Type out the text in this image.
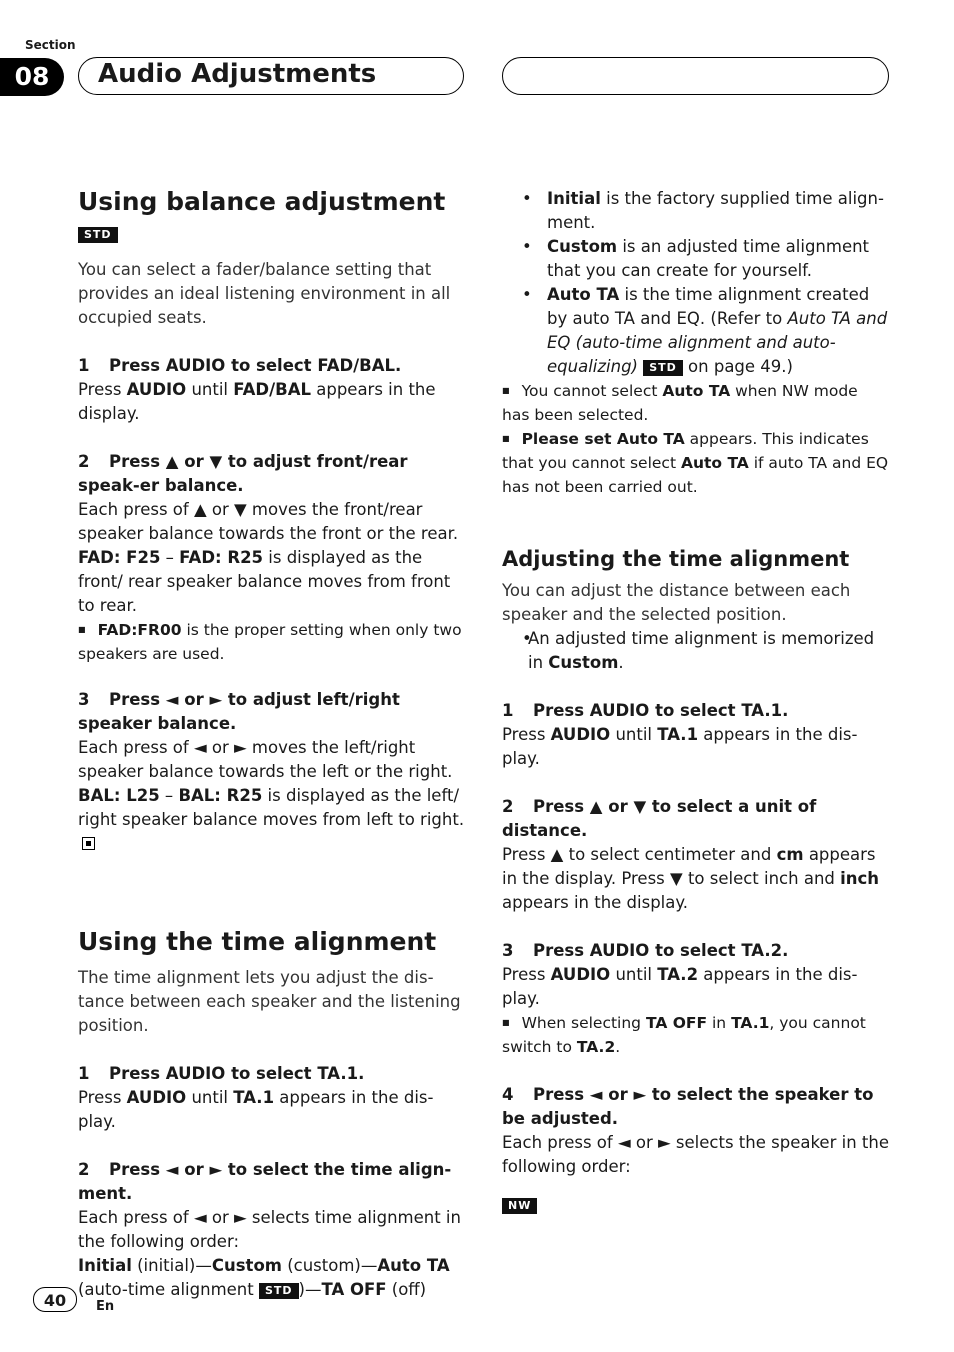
Section
08	Audio Adjustments
Using balance adjustment STD

You can select a fader/balance setting that provides an ideal listening environment in all occupied seats.

1 Press AUDIO to select FAD/BAL.

Press AUDIO until FAD/BAL appears in the display.

2 Press ▲ or ▼ to adjust front/rear speak-er balance.

Each press of ▲ or ▼ moves the front/rear speaker balance towards the front or the rear.

FAD: F25 – FAD: R25 is displayed as the front/ rear speaker balance moves from front to rear.

■ FAD:FR00 is the proper setting when only two speakers are used.

3 Press ◄ or ► to adjust left/right speaker balance.

Each press of ◄ or ► moves the left/right speaker balance towards the left or the right.

BAL: L25 – BAL: R25 is displayed as the left/ right speaker balance moves from left to right.

Using the time alignment

The time alignment lets you adjust the dis-tance between each speaker and the listening position.

1 Press AUDIO to select TA.1.

Press AUDIO until TA.1 appears in the dis-play.

2 Press ◄ or ► to select the time align-ment.

Each press of ◄ or ► selects time alignment in the following order:

Initial (initial)—Custom (custom)—Auto TA (auto-time alignment STD )—TA OFF (off)

• Initial is the factory supplied time align-ment.
• Custom is an adjusted time alignment that you can create for yourself.
• Auto TA is the time alignment created by auto TA and EQ. (Refer to Auto TA and EQ (auto-time alignment and auto-equalizing) STD on page 49.)

■ You cannot select Auto TA when NW mode has been selected.

■ Please set Auto TA appears. This indicates that you cannot select Auto TA if auto TA and EQ has not been carried out.

Adjusting the time alignment

You can adjust the distance between each speaker and the selected position.

• An adjusted time alignment is memorized in Custom.

1 Press AUDIO to select TA.1.

Press AUDIO until TA.1 appears in the dis-play.

2 Press ▲ or ▼ to select a unit of distance.

Press ▲ to select centimeter and cm appears in the display. Press ▼ to select inch and inch appears in the display.

3 Press AUDIO to select TA.2.

Press AUDIO until TA.2 appears in the dis-play.

■ When selecting TA OFF in TA.1, you cannot switch to TA.2.

4 Press ◄ or ► to select the speaker to be adjusted.

Each press of ◄ or ► selects the speaker in the following order:

NW

40	En
